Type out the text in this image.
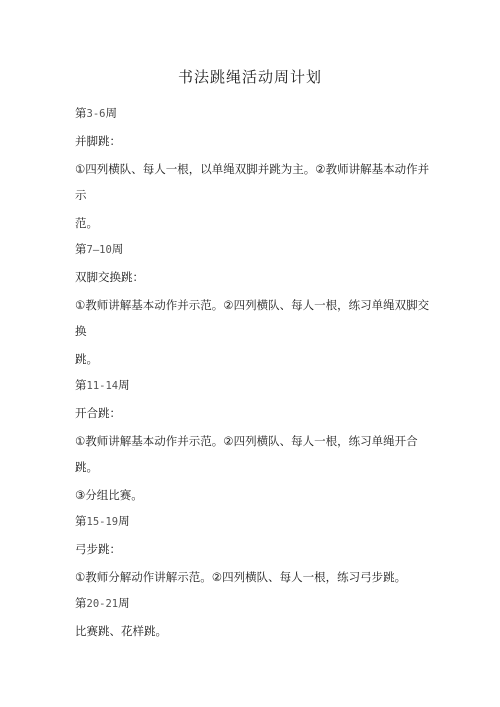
书法跳绳活动周计划
第3-6周
并脚跳：
①四列横队、每人一根，以单绳双脚并跳为主。②教师讲解基本动作并示
范。
第7—10周
双脚交换跳：
①教师讲解基本动作并示范。②四列横队、每人一根，练习单绳双脚交换
跳。
第11-14周
开合跳：
①教师讲解基本动作并示范。②四列横队、每人一根，练习单绳开合跳。
③分组比赛。
第15-19周
弓步跳：
①教师分解动作讲解示范。②四列横队、每人一根，练习弓步跳。
第20-21周
比赛跳、花样跳。
